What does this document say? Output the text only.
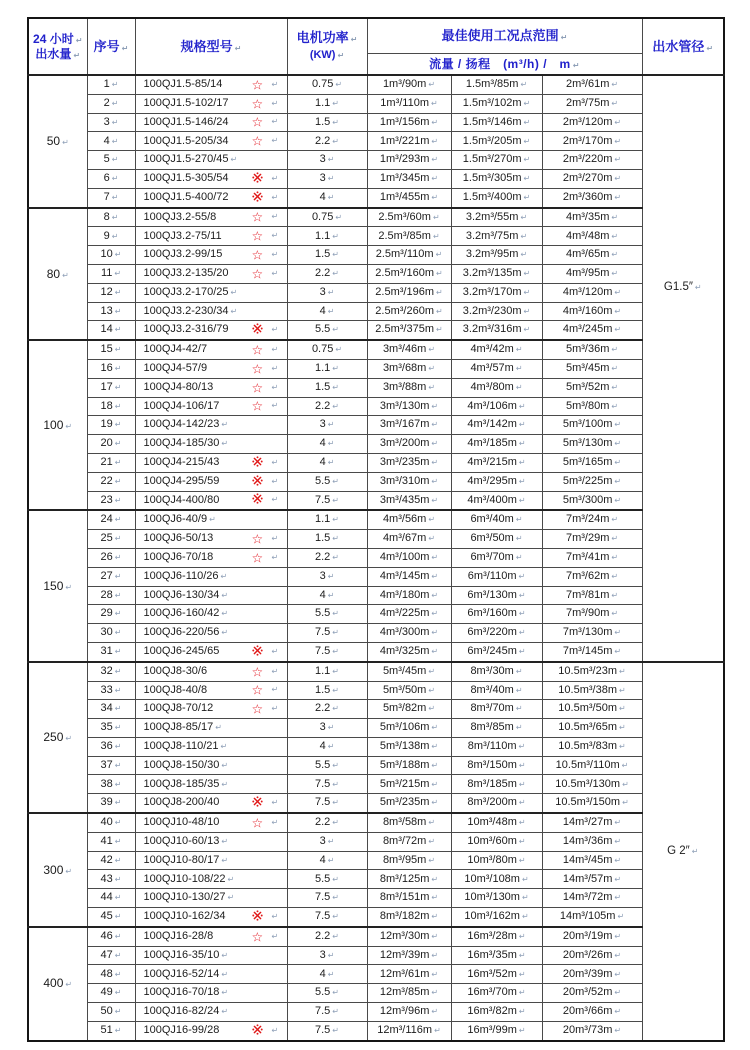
24 小时 ↵
出水量 ↵
	序号 ↵	规格型号 ↵	
电机功率 ↵
(KW) ↵
	最佳使用工况点范围 ↵	出水管径 ↵
				流量 / 扬程　(m³/h) /　m ↵			
50 ↵	1 ↵	100QJ1.5-85/14 ☆ ↵	0.75 ↵	1m³/90m ↵	1.5m³/85m ↵	2m³/61m ↵	G1.5″ ↵
	2 ↵	100QJ1.5-102/17 ☆ ↵	1.1 ↵	1m³/110m ↵	1.5m³/102m ↵	2m³/75m ↵	
	3 ↵	100QJ1.5-146/24 ☆ ↵	1.5 ↵	1m³/156m ↵	1.5m³/146m ↵	2m³/120m ↵	
	4 ↵	100QJ1.5-205/34 ☆ ↵	2.2 ↵	1m³/221m ↵	1.5m³/205m ↵	2m³/170m ↵	
	5 ↵	100QJ1.5-270/45 ↵	3 ↵	1m³/293m ↵	1.5m³/270m ↵	2m³/220m ↵	
	6 ↵	100QJ1.5-305/54 ↵	3 ↵	1m³/345m ↵	1.5m³/305m ↵	2m³/270m ↵	
	7 ↵	100QJ1.5-400/72 ↵	4 ↵	1m³/455m ↵	1.5m³/400m ↵	2m³/360m ↵	
80 ↵	8 ↵	100QJ3.2-55/8 ☆ ↵	0.75 ↵	2.5m³/60m ↵	3.2m³/55m ↵	4m³/35m ↵	
	9 ↵	100QJ3.2-75/11 ☆ ↵	1.1 ↵	2.5m³/85m ↵	3.2m³/75m ↵	4m³/48m ↵	
	10 ↵	100QJ3.2-99/15 ☆ ↵	1.5 ↵	2.5m³/110m ↵	3.2m³/95m ↵	4m³/65m ↵	
	11 ↵	100QJ3.2-135/20 ☆ ↵	2.2 ↵	2.5m³/160m ↵	3.2m³/135m ↵	4m³/95m ↵	
	12 ↵	100QJ3.2-170/25 ↵	3 ↵	2.5m³/196m ↵	3.2m³/170m ↵	4m³/120m ↵	
	13 ↵	100QJ3.2-230/34 ↵	4 ↵	2.5m³/260m ↵	3.2m³/230m ↵	4m³/160m ↵	
	14 ↵	100QJ3.2-316/79 ↵	5.5 ↵	2.5m³/375m ↵	3.2m³/316m ↵	4m³/245m ↵	
100 ↵	15 ↵	100QJ4-42/7 ☆ ↵	0.75 ↵	3m³/46m ↵	4m³/42m ↵	5m³/36m ↵	
	16 ↵	100QJ4-57/9 ☆ ↵	1.1 ↵	3m³/68m ↵	4m³/57m ↵	5m³/45m ↵	
	17 ↵	100QJ4-80/13 ☆ ↵	1.5 ↵	3m³/88m ↵	4m³/80m ↵	5m³/52m ↵	
	18 ↵	100QJ4-106/17 ☆ ↵	2.2 ↵	3m³/130m ↵	4m³/106m ↵	5m³/80m ↵	
	19 ↵	100QJ4-142/23 ↵	3 ↵	3m³/167m ↵	4m³/142m ↵	5m³/100m ↵	
	20 ↵	100QJ4-185/30 ↵	4 ↵	3m³/200m ↵	4m³/185m ↵	5m³/130m ↵	
	21 ↵	100QJ4-215/43 ↵	4 ↵	3m³/235m ↵	4m³/215m ↵	5m³/165m ↵	
	22 ↵	100QJ4-295/59 ↵	5.5 ↵	3m³/310m ↵	4m³/295m ↵	5m³/225m ↵	
	23 ↵	100QJ4-400/80 ↵	7.5 ↵	3m³/435m ↵	4m³/400m ↵	5m³/300m ↵	
150 ↵	24 ↵	100QJ6-40/9 ↵	1.1 ↵	4m³/56m ↵	6m³/40m ↵	7m³/24m ↵	
	25 ↵	100QJ6-50/13 ☆ ↵	1.5 ↵	4m³/67m ↵	6m³/50m ↵	7m³/29m ↵	
	26 ↵	100QJ6-70/18 ☆ ↵	2.2 ↵	4m³/100m ↵	6m³/70m ↵	7m³/41m ↵	
	27 ↵	100QJ6-110/26 ↵	3 ↵	4m³/145m ↵	6m³/110m ↵	7m³/62m ↵	
	28 ↵	100QJ6-130/34 ↵	4 ↵	4m³/180m ↵	6m³/130m ↵	7m³/81m ↵	
	29 ↵	100QJ6-160/42 ↵	5.5 ↵	4m³/225m ↵	6m³/160m ↵	7m³/90m ↵	
	30 ↵	100QJ6-220/56 ↵	7.5 ↵	4m³/300m ↵	6m³/220m ↵	7m³/130m ↵	
	31 ↵	100QJ6-245/65 ↵	7.5 ↵	4m³/325m ↵	6m³/245m ↵	7m³/145m ↵	
250 ↵	32 ↵	100QJ8-30/6 ☆ ↵	1.1 ↵	5m³/45m ↵	8m³/30m ↵	10.5m³/23m ↵	G 2″ ↵
	33 ↵	100QJ8-40/8 ☆ ↵	1.5 ↵	5m³/50m ↵	8m³/40m ↵	10.5m³/38m ↵	
	34 ↵	100QJ8-70/12 ☆ ↵	2.2 ↵	5m³/82m ↵	8m³/70m ↵	10.5m³/50m ↵	
	35 ↵	100QJ8-85/17 ↵	3 ↵	5m³/106m ↵	8m³/85m ↵	10.5m³/65m ↵	
	36 ↵	100QJ8-110/21 ↵	4 ↵	5m³/138m ↵	8m³/110m ↵	10.5m³/83m ↵	
	37 ↵	100QJ8-150/30 ↵	5.5 ↵	5m³/188m ↵	8m³/150m ↵	10.5m³/110m ↵	
	38 ↵	100QJ8-185/35 ↵	7.5 ↵	5m³/215m ↵	8m³/185m ↵	10.5m³/130m ↵	
	39 ↵	100QJ8-200/40 ↵	7.5 ↵	5m³/235m ↵	8m³/200m ↵	10.5m³/150m ↵	
300 ↵	40 ↵	100QJ10-48/10 ☆ ↵	2.2 ↵	8m³/58m ↵	10m³/48m ↵	14m³/27m ↵	
	41 ↵	100QJ10-60/13 ↵	3 ↵	8m³/72m ↵	10m³/60m ↵	14m³/36m ↵	
	42 ↵	100QJ10-80/17 ↵	4 ↵	8m³/95m ↵	10m³/80m ↵	14m³/45m ↵	
	43 ↵	100QJ10-108/22 ↵	5.5 ↵	8m³/125m ↵	10m³/108m ↵	14m³/57m ↵	
	44 ↵	100QJ10-130/27 ↵	7.5 ↵	8m³/151m ↵	10m³/130m ↵	14m³/72m ↵	
	45 ↵	100QJ10-162/34 ↵	7.5 ↵	8m³/182m ↵	10m³/162m ↵	14m³/105m ↵	
400 ↵	46 ↵	100QJ16-28/8 ☆ ↵	2.2 ↵	12m³/30m ↵	16m³/28m ↵	20m³/19m ↵	
	47 ↵	100QJ16-35/10 ↵	3 ↵	12m³/39m ↵	16m³/35m ↵	20m³/26m ↵	
	48 ↵	100QJ16-52/14 ↵	4 ↵	12m³/61m ↵	16m³/52m ↵	20m³/39m ↵	
	49 ↵	100QJ16-70/18 ↵	5.5 ↵	12m³/85m ↵	16m³/70m ↵	20m³/52m ↵	
	50 ↵	100QJ16-82/24 ↵	7.5 ↵	12m³/96m ↵	16m³/82m ↵	20m³/66m ↵	
	51 ↵	100QJ16-99/28 ↵	7.5 ↵	12m³/116m ↵	16m³/99m ↵	20m³/73m ↵	
